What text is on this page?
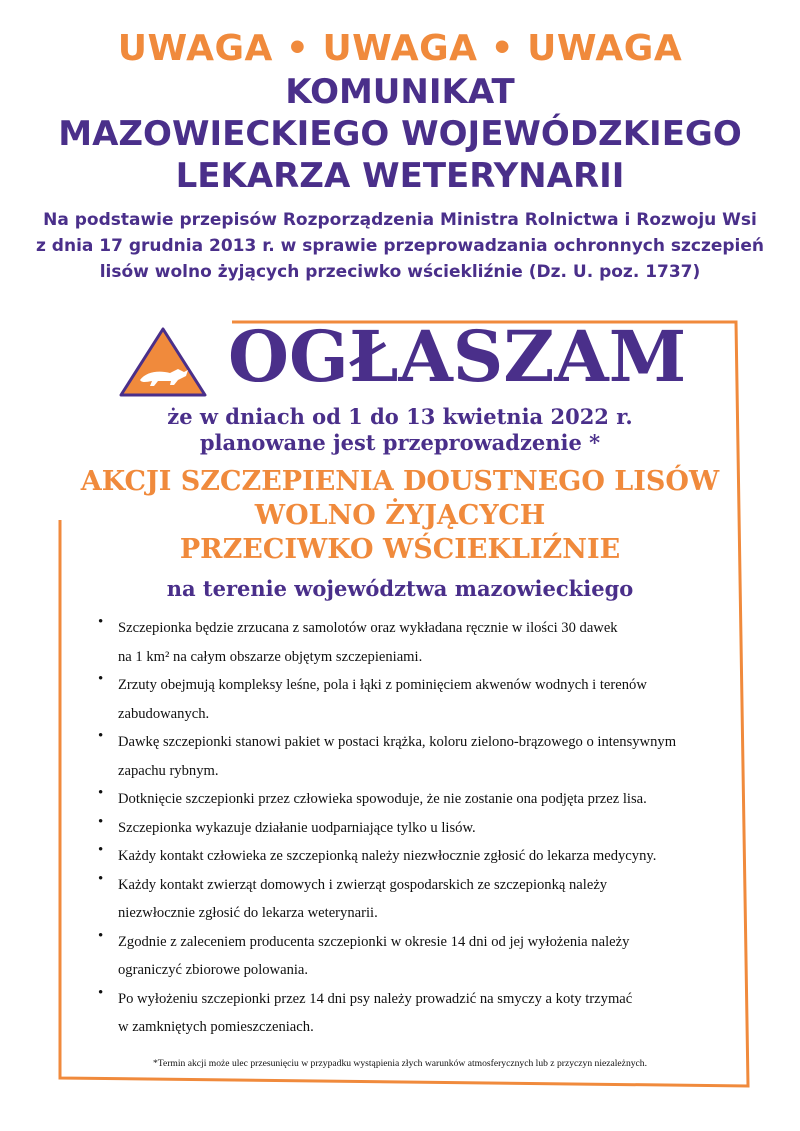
UWAGA • UWAGA • UWAGA
KOMUNIKAT
MAZOWIECKIEGO WOJEWÓDZKIEGO
LEKARZA WETERYNARII
Na podstawie przepisów Rozporządzenia Ministra Rolnictwa i Rozwoju Wsi
z dnia 17 grudnia 2013 r. w sprawie przeprowadzania ochronnych szczepień
lisów wolno żyjących przeciwko wściekliźnie (Dz. U. poz. 1737)
OGŁASZAM
że w dniach od 1 do 13 kwietnia 2022 r.
planowane jest przeprowadzenie *
AKCJI SZCZEPIENIA DOUSTNEGO LISÓW
WOLNO ŻYJĄCYCH
PRZECIWKO WŚCIEKLIŹNIE
na terenie województwa mazowieckiego
• Szczepionka będzie zrzucana z samolotów oraz wykładana ręcznie w ilości 30 dawek
na 1 km² na całym obszarze objętym szczepieniami.
• Zrzuty obejmują kompleksy leśne, pola i łąki z pominięciem akwenów wodnych i terenów
zabudowanych.
• Dawkę szczepionki stanowi pakiet w postaci krążka, koloru zielono-brązowego o intensywnym
zapachu rybnym.
• Dotknięcie szczepionki przez człowieka spowoduje, że nie zostanie ona podjęta przez lisa.
• Szczepionka wykazuje działanie uodparniające tylko u lisów.
• Każdy kontakt człowieka ze szczepionką należy niezwłocznie zgłosić do lekarza medycyny.
• Każdy kontakt zwierząt domowych i zwierząt gospodarskich ze szczepionką należy
niezwłocznie zgłosić do lekarza weterynarii.
• Zgodnie z zaleceniem producenta szczepionki w okresie 14 dni od jej wyłożenia należy
ograniczyć zbiorowe polowania.
• Po wyłożeniu szczepionki przez 14 dni psy należy prowadzić na smyczy a koty trzymać
w zamkniętych pomieszczeniach.
*Termin akcji może ulec przesunięciu w przypadku wystąpienia złych warunków atmosferycznych lub z przyczyn niezależnych.
